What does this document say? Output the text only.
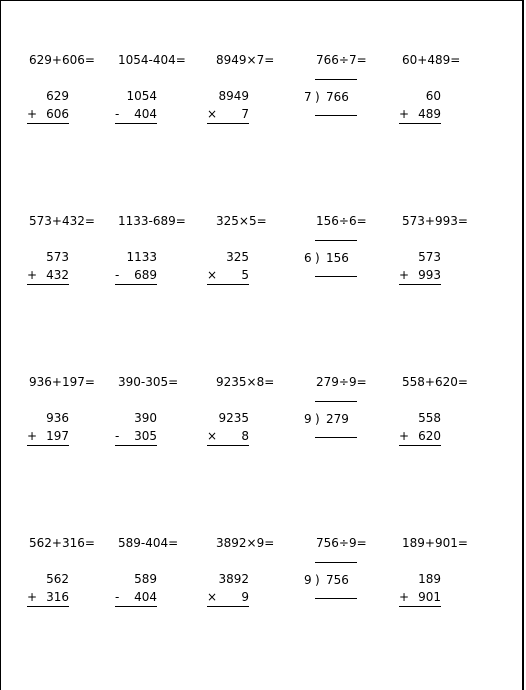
629+606=
629
+ 606
1054-404=
1054
- 404
8949×7=
8949
× 7
766÷7=
7 ) 766
60+489=
60
+ 489
573+432=
573
+ 432
1133-689=
1133
- 689
325×5=
325
× 5
156÷6=
6 ) 156
573+993=
573
+ 993
936+197=
936
+ 197
390-305=
390
- 305
9235×8=
9235
× 8
279÷9=
9 ) 279
558+620=
558
+ 620
562+316=
562
+ 316
589-404=
589
- 404
3892×9=
3892
× 9
756÷9=
9 ) 756
189+901=
189
+ 901
